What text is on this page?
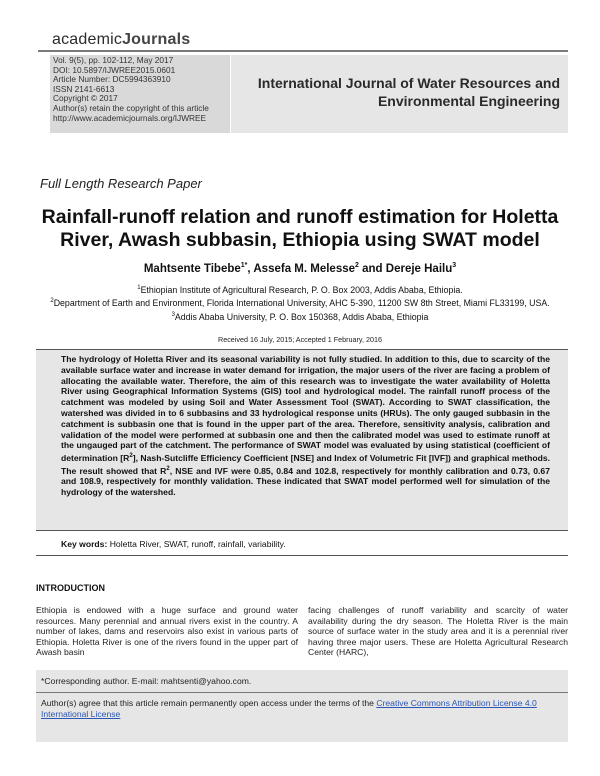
academicJournals
Vol. 9(5), pp. 102-112, May 2017
DOI: 10.5897/IJWREE2015.0601
Article Number: DC5994363910
ISSN 2141-6613
Copyright © 2017
Author(s) retain the copyright of this article
http://www.academicjournals.org/IJWREE
International Journal of Water Resources and
Environmental Engineering
Full Length Research Paper
Rainfall-runoff relation and runoff estimation for Holetta
River, Awash subbasin, Ethiopia using SWAT model
Mahtsente Tibebe$^{1*}$, Assefa M. Melesse$^2$ and Dereje Hailu$^3$
$^1$Ethiopian Institute of Agricultural Research, P. O. Box 2003, Addis Ababa, Ethiopia.
$^2$Department of Earth and Environment, Florida International University, AHC 5-390, 11200 SW 8th Street, Miami FL33199, USA.
$^3$Addis Ababa University, P. O. Box 150368, Addis Ababa, Ethiopia
Received 16 July, 2015; Accepted 1 February, 2016
The hydrology of Holetta River and its seasonal variability is not fully studied. In addition to this, due to scarcity of the available surface water and increase in water demand for irrigation, the major users of the river are facing a problem of allocating the available water. Therefore, the aim of this research was to investigate the water availability of Holetta River using Geographical Information Systems (GIS) tool and hydrological model. The rainfall runoff process of the catchment was modeled by using Soil and Water Assessment Tool (SWAT). According to SWAT classification, the watershed was divided in to 6 subbasins and 33 hydrological response units (HRUs). The only gauged subbasin in the catchment is subbasin one that is found in the upper part of the area. Therefore, sensitivity analysis, calibration and validation of the model were performed at subbasin one and then the calibrated model was used to estimate runoff at the ungauged part of the catchment. The performance of SWAT model was evaluated by using statistical (coefficient of determination $[R^2]$, Nash-Sutcliffe Efficiency Coefficient [NSE] and Index of Volumetric Fit [IVF]) and graphical methods. The result showed that $R^2$, NSE and IVF were 0.85, 0.84 and 102.8, respectively for monthly calibration and 0.73, 0.67 and 108.9, respectively for monthly validation. These indicated that SWAT model performed well for simulation of the hydrology of the watershed.
Key words: Holetta River, SWAT, runoff, rainfall, variability.
INTRODUCTION
Ethiopia is endowed with a huge surface and ground water resources. Many perennial and annual rivers exist in the country. A number of lakes, dams and reservoirs also exist in various parts of Ethiopia. Holetta River is one of the rivers found in the upper part of Awash basin
facing challenges of runoff variability and scarcity of water availability during the dry season. The Holetta River is the main source of surface water in the study area and it is a perennial river having three major users. These are Holetta Agricultural Research Center (HARC),
*Corresponding author. E-mail: mahtsenti@yahoo.com.
Author(s) agree that this article remain permanently open access under the terms of the Creative Commons Attribution License 4.0 International License
